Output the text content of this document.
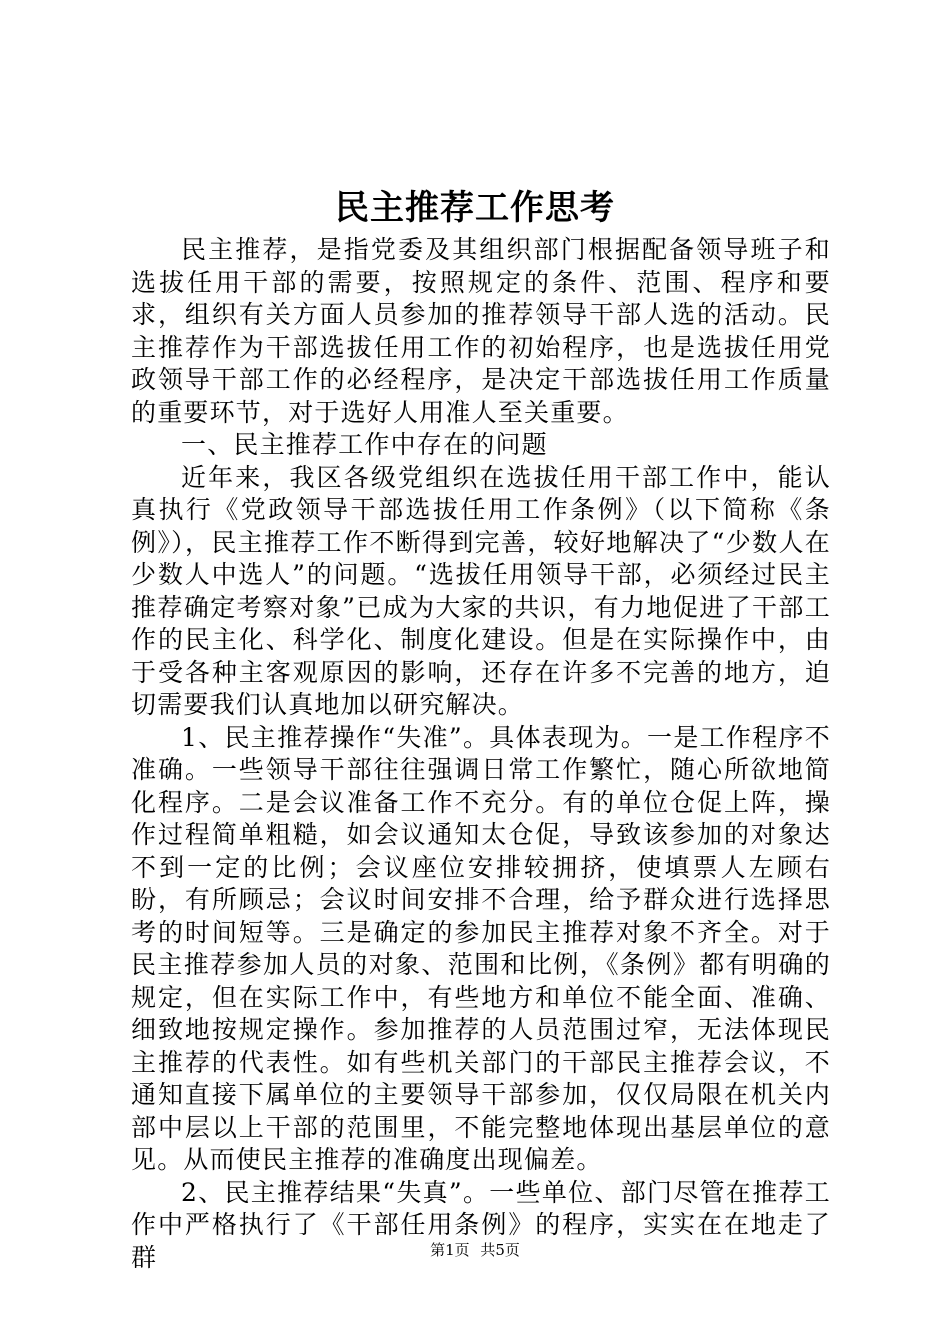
民主推荐工作思考

民主推荐，是指党委及其组织部门根据配备领导班子和选拔任用干部的需要，按照规定的条件、范围、程序和要求，组织有关方面人员参加的推荐领导干部人选的活动。民主推荐作为干部选拔任用工作的初始程序，也是选拔任用党政领导干部工作的必经程序，是决定干部选拔任用工作质量的重要环节，对于选好人用准人至关重要。

一、民主推荐工作中存在的问题

近年来，我区各级党组织在选拔任用干部工作中，能认真执行《党政领导干部选拔任用工作条例》（以下简称《条例》），民主推荐工作不断得到完善，较好地解决了“少数人在少数人中选人”的问题。“选拔任用领导干部，必须经过民主推荐确定考察对象”已成为大家的共识，有力地促进了干部工作的民主化、科学化、制度化建设。但是在实际操作中，由于受各种主客观原因的影响，还存在许多不完善的地方，迫切需要我们认真地加以研究解决。

1、民主推荐操作“失准”。具体表现为。一是工作程序不准确。一些领导干部往往强调日常工作繁忙，随心所欲地简化程序。二是会议准备工作不充分。有的单位仓促上阵，操作过程简单粗糙，如会议通知太仓促，导致该参加的对象达不到一定的比例；会议座位安排较拥挤，使填票人左顾右盼，有所顾忌；会议时间安排不合理，给予群众进行选择思考的时间短等。三是确定的参加民主推荐对象不齐全。对于民主推荐参加人员的对象、范围和比例，《条例》都有明确的规定，但在实际工作中，有些地方和单位不能全面、准确、细致地按规定操作。参加推荐的人员范围过窄，无法体现民主推荐的代表性。如有些机关部门的干部民主推荐会议，不通知直接下属单位的主要领导干部参加，仅仅局限在机关内部中层以上干部的范围里，不能完整地体现出基层单位的意见。从而使民主推荐的准确度出现偏差。

2、民主推荐结果“失真”。一些单位、部门尽管在推荐工作中严格执行了《干部任用条例》的程序，实实在在地走了群	第1页 共5页
